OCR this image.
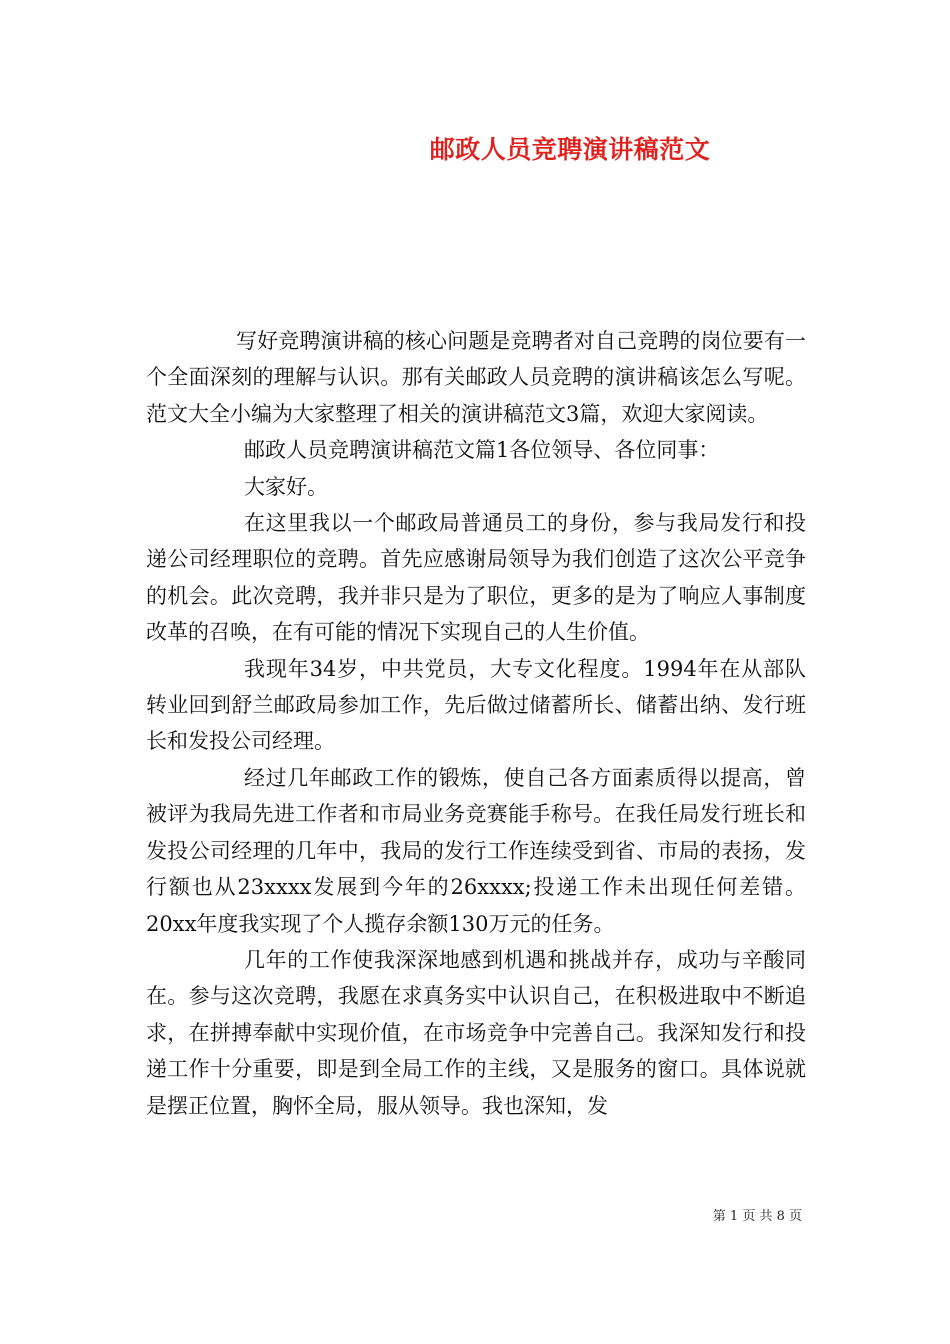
邮政人员竞聘演讲稿范文

写好竞聘演讲稿的核心问题是竞聘者对自己竞聘的岗位要有一个全面深刻的理解与认识。那有关邮政人员竞聘的演讲稿该怎么写呢。范文大全小编为大家整理了相关的演讲稿范文3篇，欢迎大家阅读。

邮政人员竞聘演讲稿范文篇1各位领导、各位同事：

大家好。

在这里我以一个邮政局普通员工的身份，参与我局发行和投递公司经理职位的竞聘。首先应感谢局领导为我们创造了这次公平竞争的机会。此次竞聘，我并非只是为了职位，更多的是为了响应人事制度改革的召唤，在有可能的情况下实现自己的人生价值。

我现年34岁，中共党员，大专文化程度。1994年在从部队转业回到舒兰邮政局参加工作，先后做过储蓄所长、储蓄出纳、发行班长和发投公司经理。

经过几年邮政工作的锻炼，使自己各方面素质得以提高，曾被评为我局先进工作者和市局业务竞赛能手称号。在我任局发行班长和发投公司经理的几年中，我局的发行工作连续受到省、市局的表扬，发行额也从23xxxx发展到今年的26xxxx;投递工作未出现任何差错。20xx年度我实现了个人揽存余额130万元的任务。

几年的工作使我深深地感到机遇和挑战并存，成功与辛酸同在。参与这次竞聘，我愿在求真务实中认识自己，在积极进取中不断追求，在拼搏奉献中实现价值，在市场竞争中完善自己。我深知发行和投递工作十分重要，即是到全局工作的主线，又是服务的窗口。具体说就是摆正位置，胸怀全局，服从领导。我也深知，发

第 1 页 共 8 页
